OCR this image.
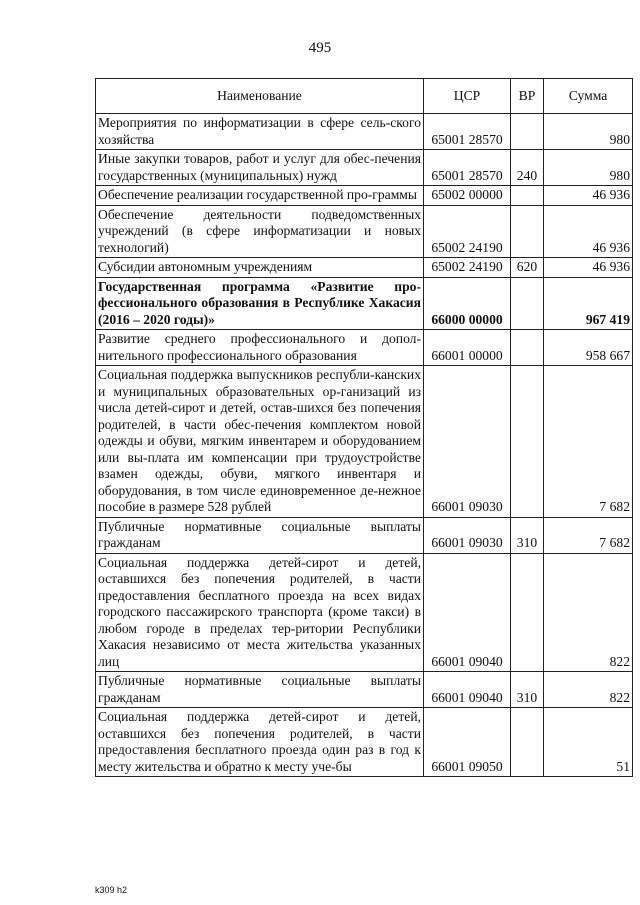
495
Наименование	ЦСР	ВР	Сумма
Мероприятия по информатизации в сфере сель-ского хозяйства	65001 28570		980
Иные закупки товаров, работ и услуг для обес-печения государственных (муниципальных) нужд	65001 28570	240	980
Обеспечение реализации государственной про-граммы	65002 00000		46 936
Обеспечение деятельности подведомственных учреждений (в сфере информатизации и новых технологий)	65002 24190		46 936
Субсидии автономным учреждениям	65002 24190	620	46 936
Государственная программа «Развитие про-фессионального образования в Республике Хакасия (2016 – 2020 годы)»	66000 00000		967 419
Развитие среднего профессионального и допол-нительного профессионального образования	66001 00000		958 667
Социальная поддержка выпускников республи-канских и муниципальных образовательных ор-ганизаций из числа детей-сирот и детей, остав-шихся без попечения родителей, в части обес-печения комплектом новой одежды и обуви, мягким инвентарем и оборудованием или вы-плата им компенсации при трудоустройстве взамен одежды, обуви, мягкого инвентаря и оборудования, в том числе единовременное де-нежное пособие в размере 528 рублей	66001 09030		7 682
Публичные нормативные социальные выплаты гражданам	66001 09030	310	7 682
Социальная поддержка детей-сирот и детей, оставшихся без попечения родителей, в части предоставления бесплатного проезда на всех видах городского пассажирского транспорта (кроме такси) в любом городе в пределах тер-ритории Республики Хакасия независимо от места жительства указанных лиц	66001 09040		822
Публичные нормативные социальные выплаты гражданам	66001 09040	310	822
Социальная поддержка детей-сирот и детей, оставшихся без попечения родителей, в части предоставления бесплатного проезда один раз в год к месту жительства и обратно к месту уче-бы	66001 09050		51
k309 h2
